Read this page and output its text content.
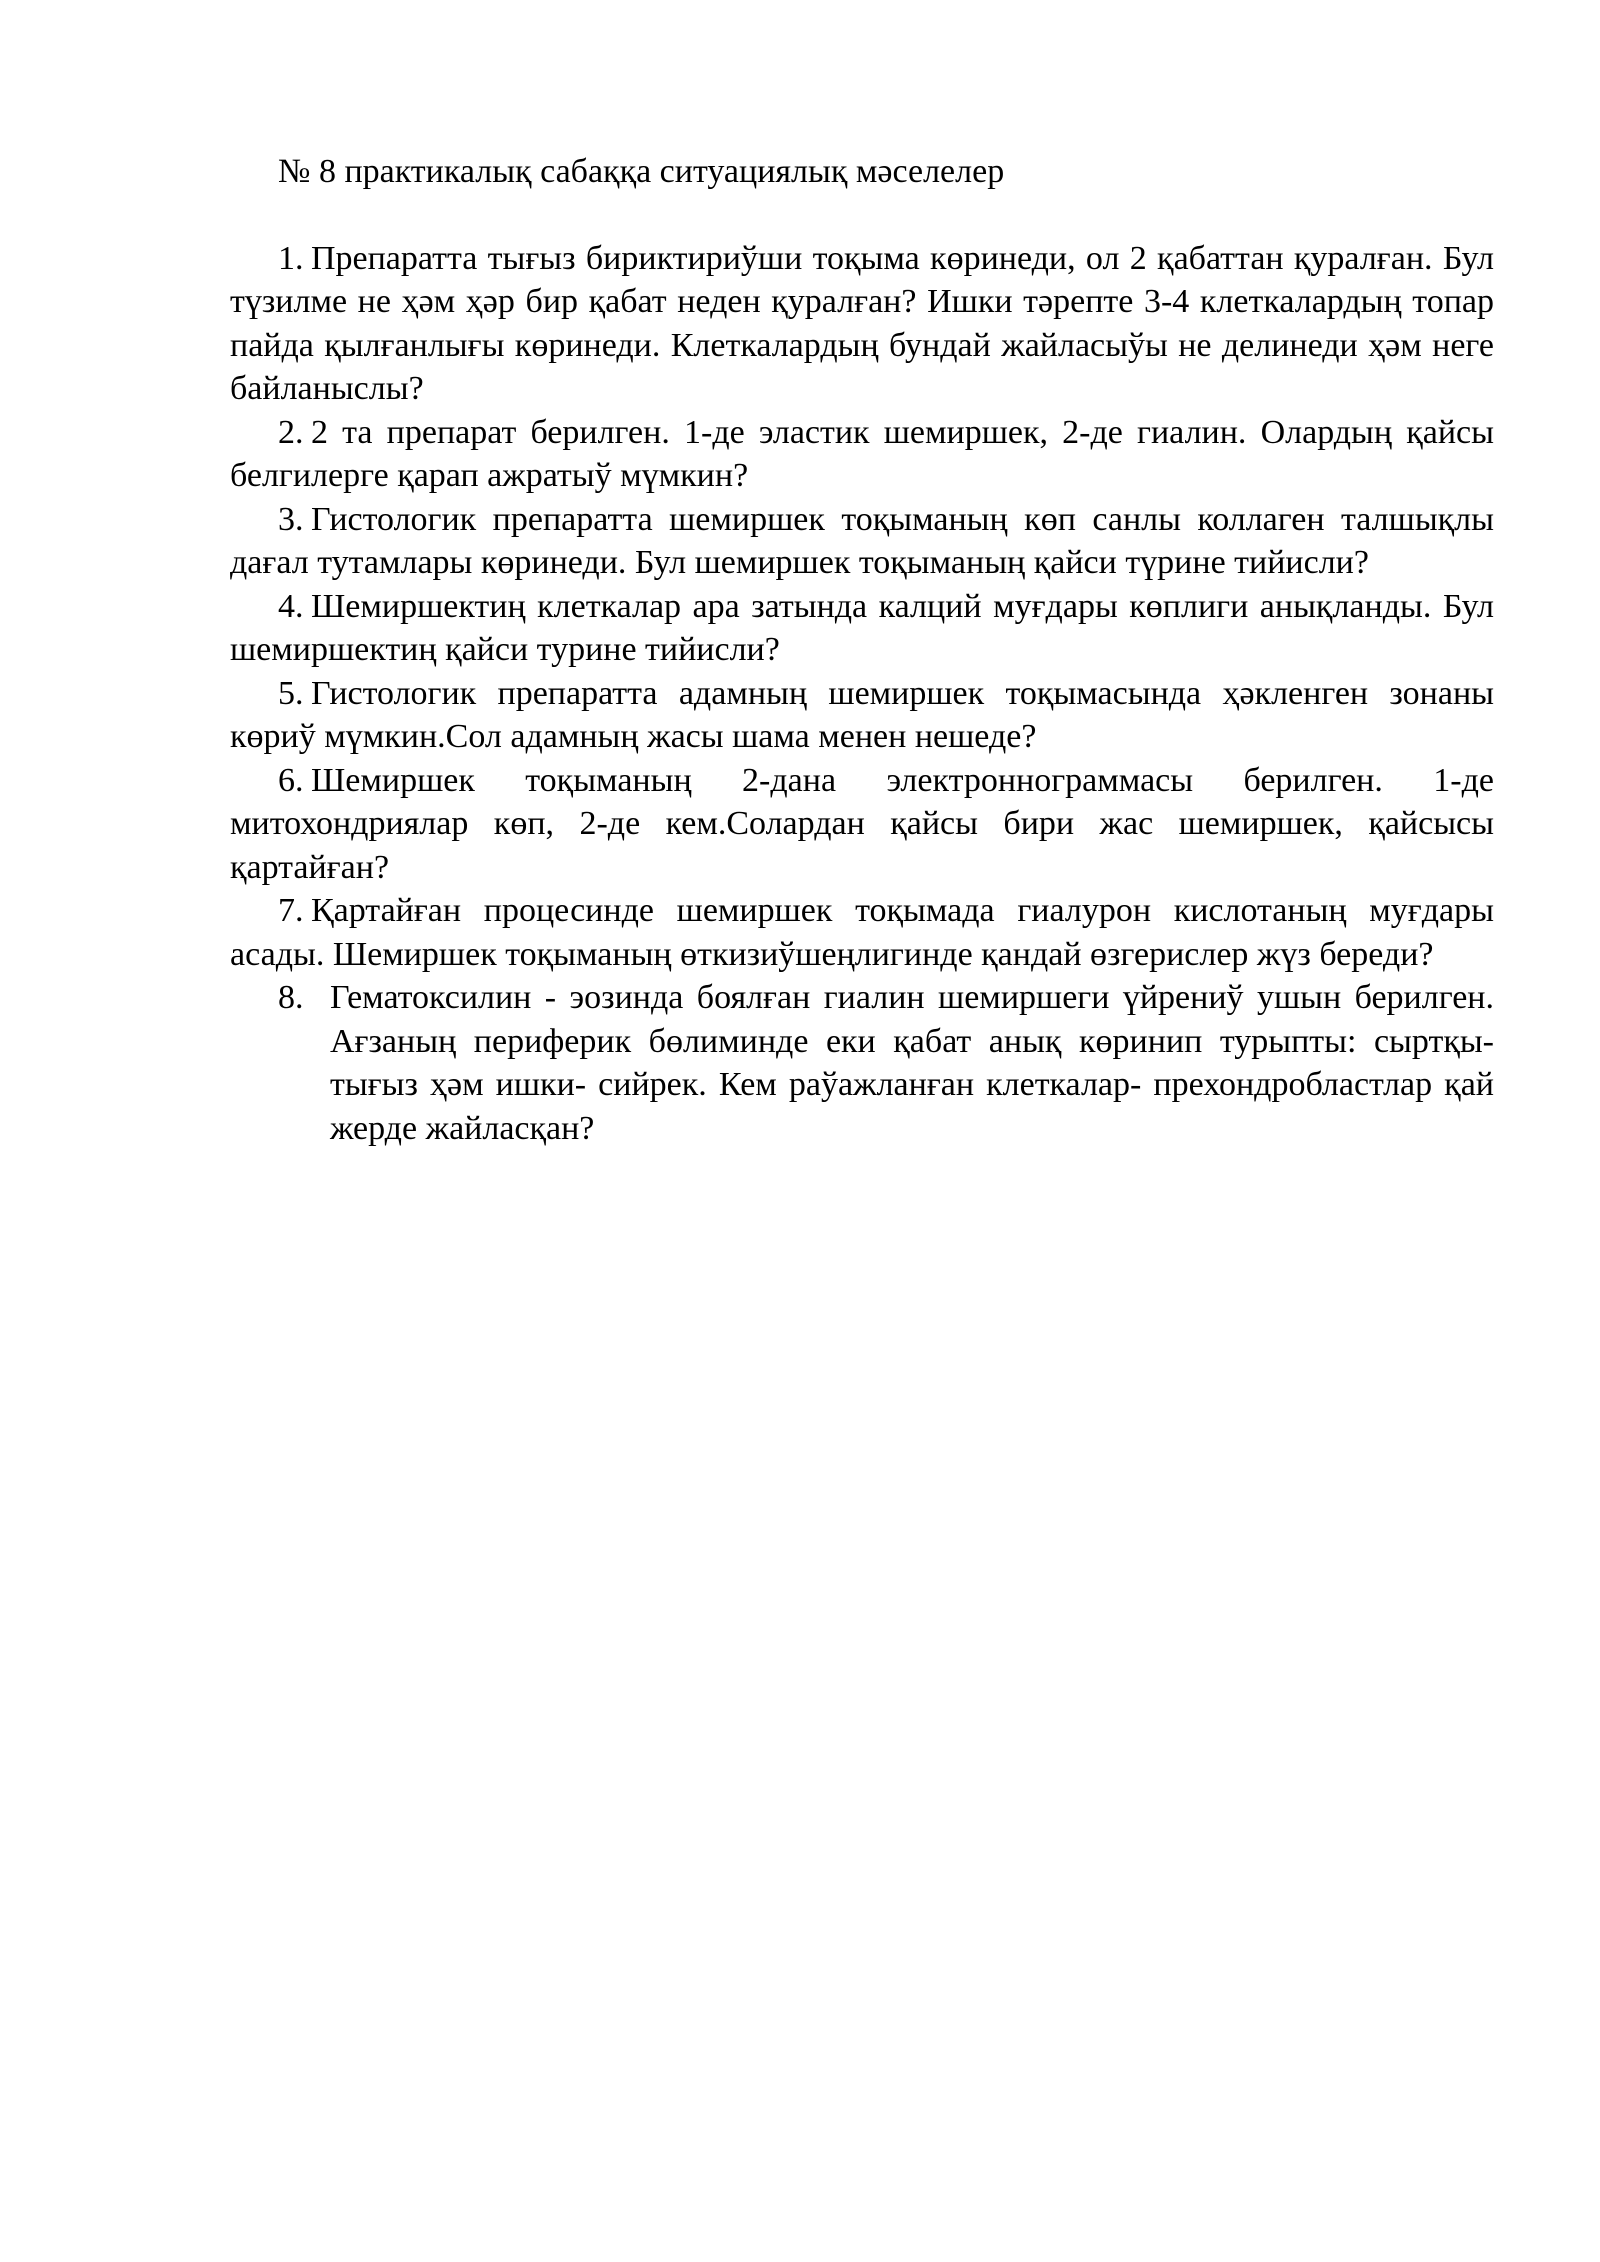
№ 8 практикалық сабаққа ситуациялық мәселелер

1. Препаратта тығыз бириктириўши тоқыма көринеди, ол 2 қабаттан қуралған. Бул түзилме не ҳәм ҳәр бир қабат неден қуралған? Ишки тәрепте 3-4 клеткалардың топар пайда қылғанлығы көринеди. Клеткалардың бундай жайласыўы не делинеди ҳәм неге байланыслы?

2. 2 та препарат берилген. 1-де эластик шемиршек, 2-де гиалин. Олардың қайсы белгилерге қарап ажратыў мүмкин?

3. Гистологик препаратта шемиршек тоқыманың көп санлы коллаген талшықлы дағал тутамлары көринеди. Бул шемиршек тоқыманың қайси түрине тийисли?

4. Шемиршектиң клеткалар ара затында калций муғдары көплиги анықланды. Бул шемиршектиң қайси турине тийисли?

5. Гистологик препаратта адамның шемиршек тоқымасында ҳәкленген зонаны көриў мүмкин.Сол адамның жасы шама менен нешеде?

6. Шемиршек тоқыманың 2-дана электроннограммасы берилген. 1-де митохондриялар көп, 2-де кем.Солардан қайсы бири жас шемиршек, қайсысы қартайған?

7. Қартайған процесинде шемиршек тоқымада гиалурон кислотаның муғдары асады. Шемиршек тоқыманың өткизиўшеңлигинде қандай өзгерислер жүз береди?

8. Гематоксилин - эозинда боялған гиалин шемиршеги үйрениў ушын берилген. Ағзаның периферик бөлиминде еки қабат анық көринип турыпты: сыртқы-тығыз ҳәм ишки- сийрек. Кем раўажланған клеткалар- прехондробластлар қай жерде жайласқан?
